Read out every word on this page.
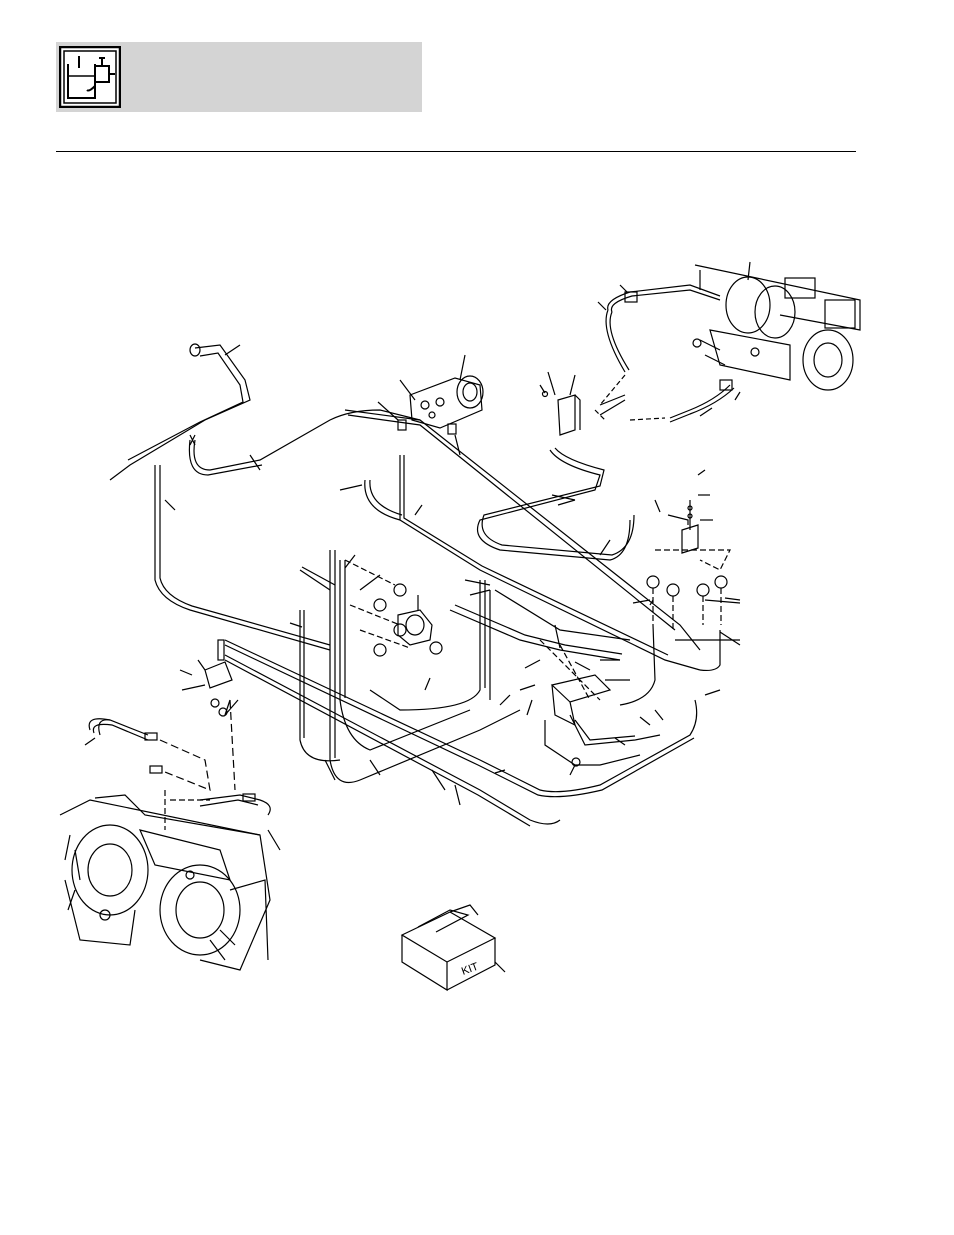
KIT
